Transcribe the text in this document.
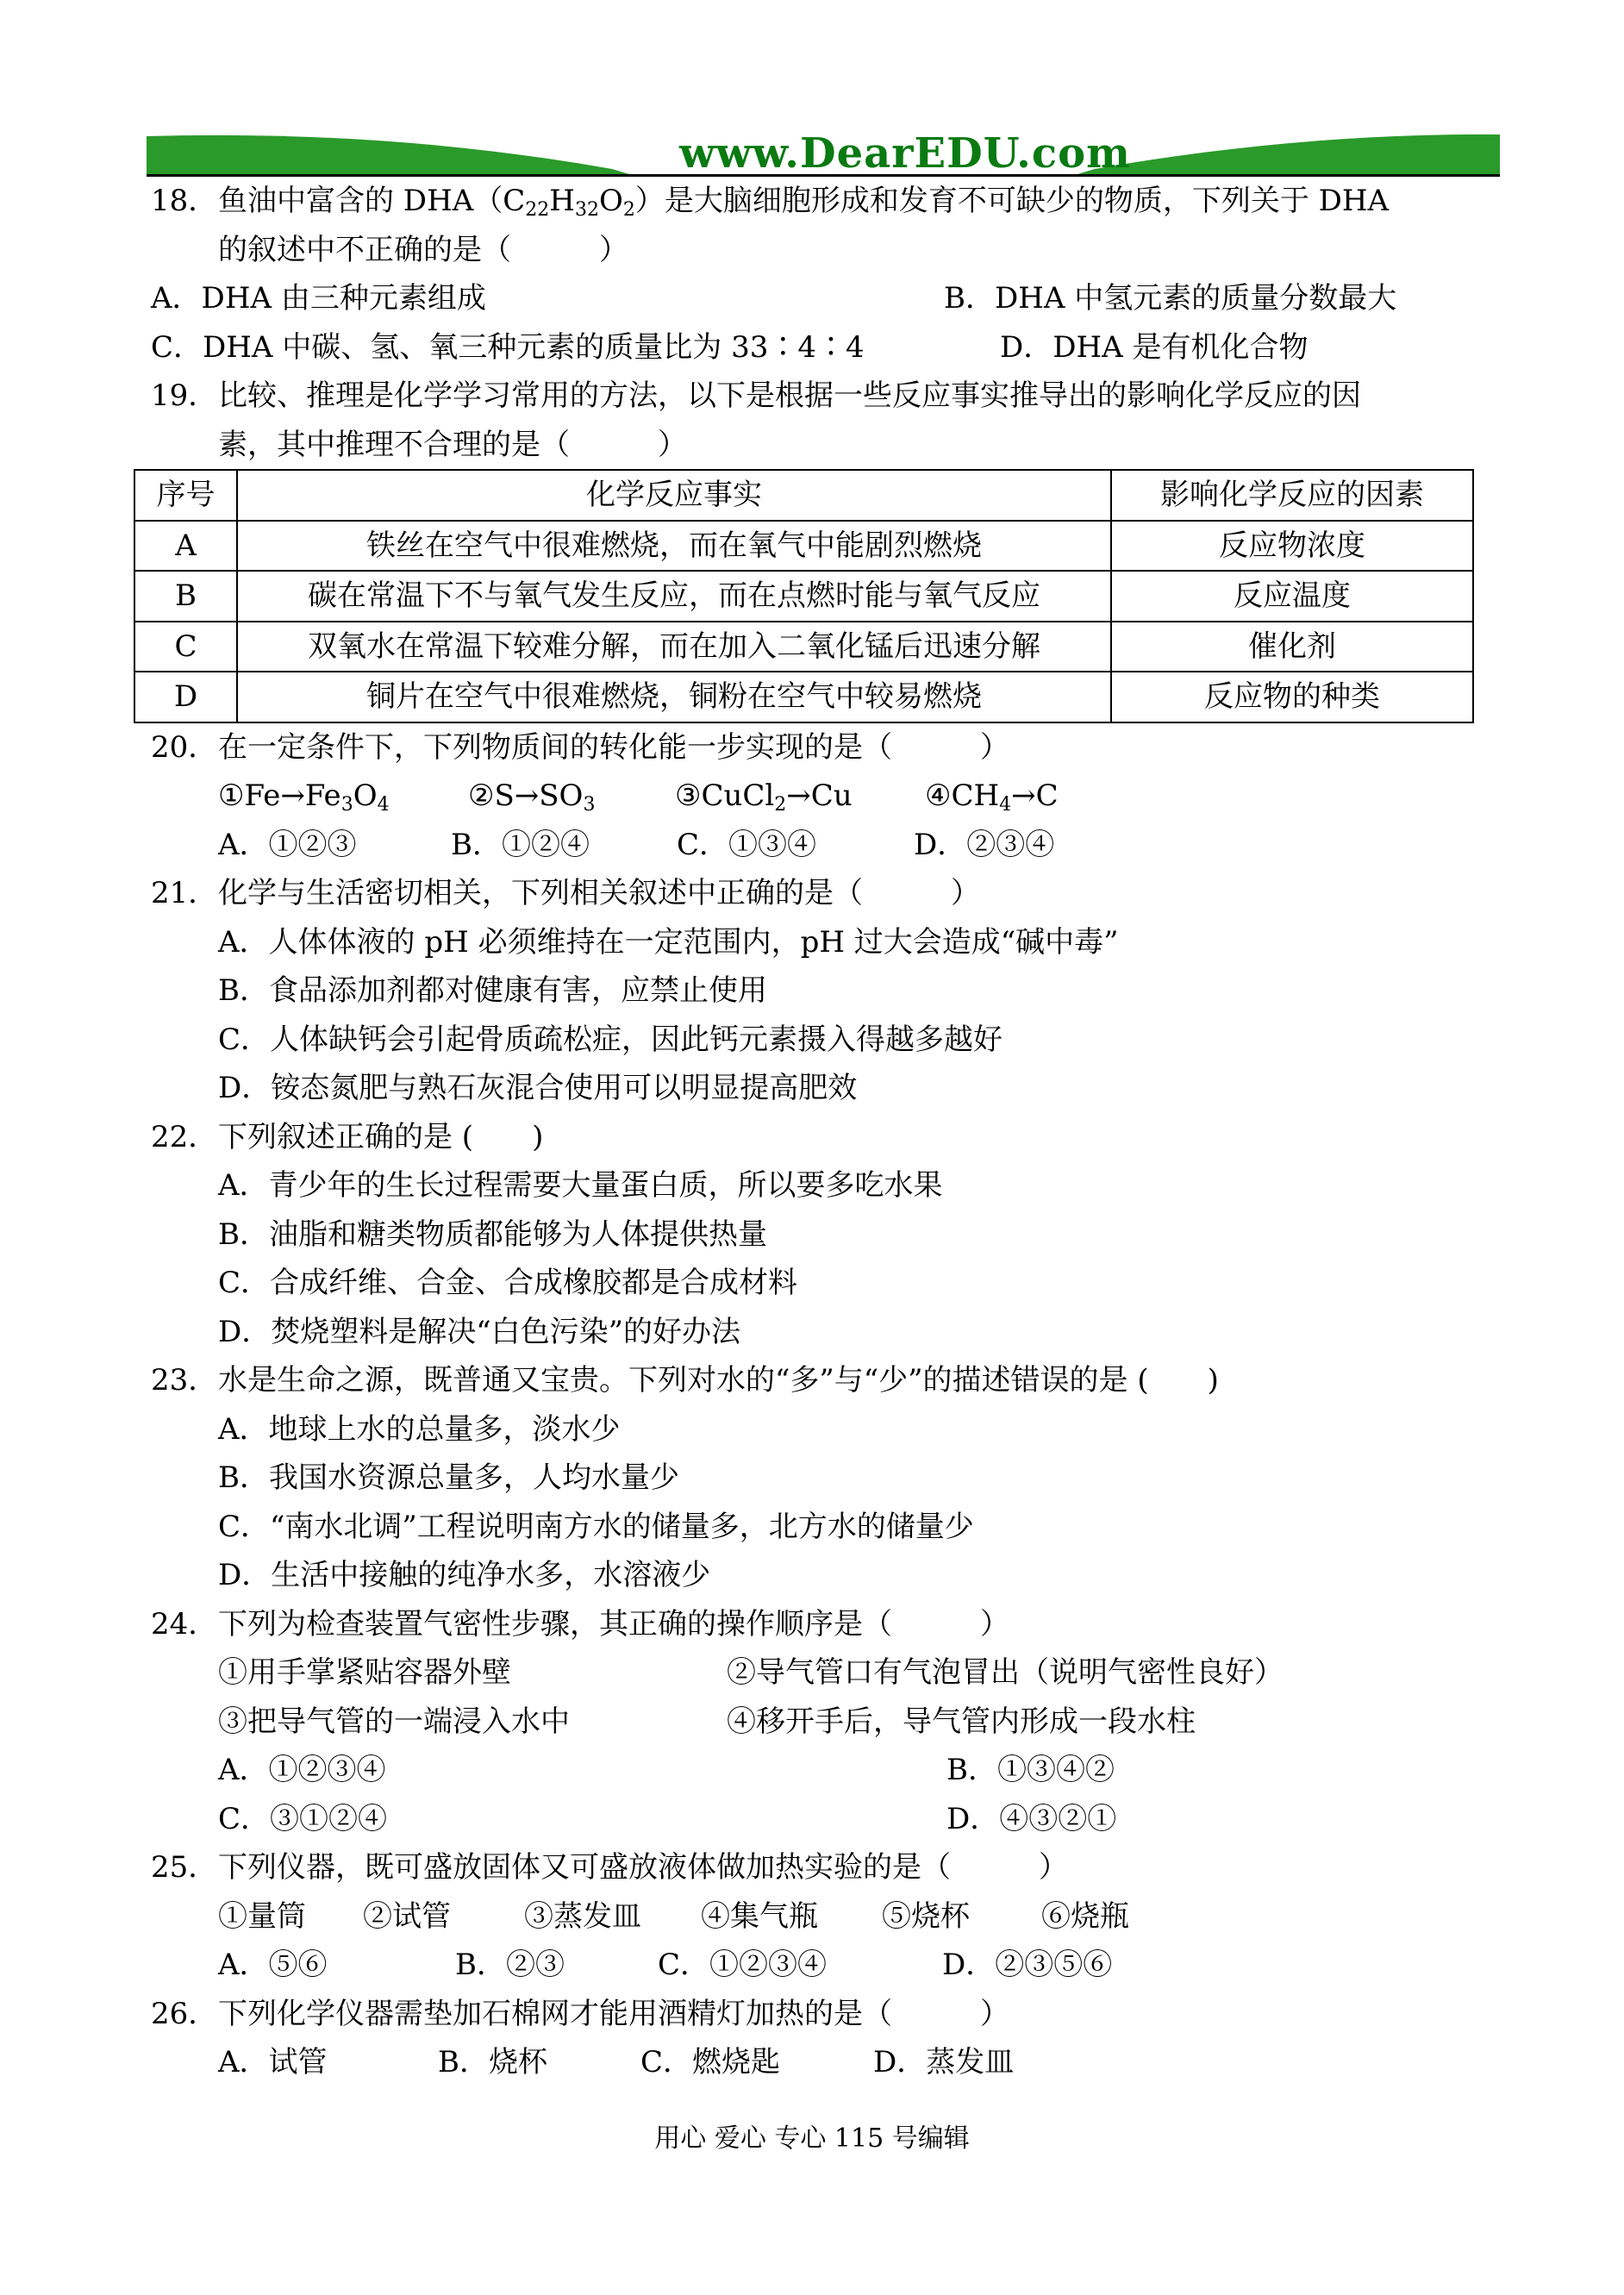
www.DearEDU.com
18．鱼油中富含的 $DHA(C_{22}H_{32}O_2)$是大脑细胞形成和发育不可缺少的物质，下列关于 DHA
的叙述中不正确的是（　　　）
A．DHA 由三种元素组成	B．DHA 中氢元素的质量分数最大
C．DHA 中碳、氢、氧三种元素的质量比为 33∶4∶4	D．DHA 是有机化合物
19．比较、推理是化学学习常用的方法，以下是根据一些反应事实推导出的影响化学反应的因
素，其中推理不合理的是（　　　）
序号	化学反应事实	影响化学反应的因素
A	铁丝在空气中很难燃烧，而在氧气中能剧烈燃烧	反应物浓度
B	碳在常温下不与氧气发生反应，而在点燃时能与氧气反应	反应温度
C	双氧水在常温下较难分解，而在加入二氧化锰后迅速分解	催化剂
D	铜片在空气中很难燃烧，铜粉在空气中较易燃烧	反应物的种类
20．在一定条件下，下列物质间的转化能一步实现的是（　　　）
$①Fe\to Fe_3O_4$	$②S\to SO_3$	③CuCl$_2$→Cu	$④CH_4\to C$
A．①②③	B．①②④	C．①③④	D．②③④
21．化学与生活密切相关，下列相关叙述中正确的是（　　　）
A．人体体液的 pH 必须维持在一定范围内，pH 过大会造成“碱中毒”
B．食品添加剂都对健康有害，应禁止使用
C．人体缺钙会引起骨质疏松症，因此钙元素摄入得越多越好
D．铵态氮肥与熟石灰混合使用可以明显提高肥效
22．下列叙述正确的是 (　　)
A．青少年的生长过程需要大量蛋白质，所以要多吃水果
B．油脂和糖类物质都能够为人体提供热量
C．合成纤维、合金、合成橡胶都是合成材料
D．焚烧塑料是解决“白色污染”的好办法
23．水是生命之源，既普通又宝贵。下列对水的“多”与“少”的描述错误的是 (　　)
A．地球上水的总量多，淡水少
B．我国水资源总量多，人均水量少
C．“南水北调”工程说明南方水的储量多，北方水的储量少
D．生活中接触的纯净水多，水溶液少
24．下列为检查装置气密性步骤，其正确的操作顺序是（　　　）
①用手掌紧贴容器外壁	②导气管口有气泡冒出（说明气密性良好）
③把导气管的一端浸入水中	④移开手后，导气管内形成一段水柱
A．①②③④	B．①③④②
C．③①②④	D．④③②①
25．下列仪器，既可盛放固体又可盛放液体做加热实验的是（　　　）
①量筒	②试管	③蒸发皿	④集气瓶	⑤烧杯	⑥烧瓶
A．⑤⑥	B．②③	C．①②③④	D．②③⑤⑥
26．下列化学仪器需垫加石棉网才能用酒精灯加热的是（　　　）
A．试管	B．烧杯	C．燃烧匙	D．蒸发皿
用心 爱心 专心 115 号编辑
